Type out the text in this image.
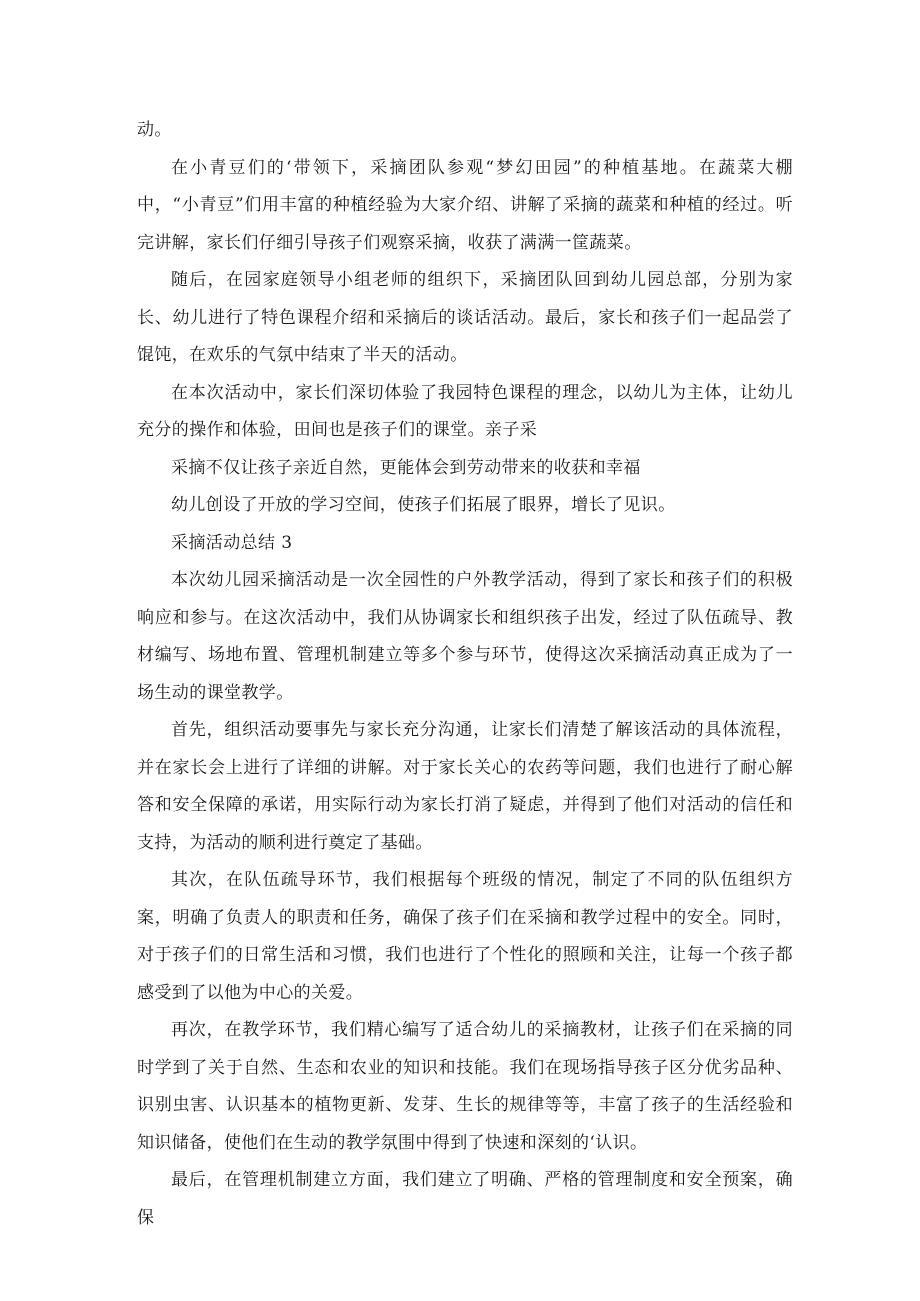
动。

在小青豆们的‘带领下，采摘团队参观“梦幻田园”的种植基地。在蔬菜大棚中，“小青豆”们用丰富的种植经验为大家介绍、讲解了采摘的蔬菜和种植的经过。听完讲解，家长们仔细引导孩子们观察采摘，收获了满满一筐蔬菜。

随后，在园家庭领导小组老师的组织下，采摘团队回到幼儿园总部，分别为家长、幼儿进行了特色课程介绍和采摘后的谈话活动。最后，家长和孩子们一起品尝了馄饨，在欢乐的气氛中结束了半天的活动。

在本次活动中，家长们深切体验了我园特色课程的理念，以幼儿为主体，让幼儿充分的操作和体验，田间也是孩子们的课堂。亲子采

采摘不仅让孩子亲近自然，更能体会到劳动带来的收获和幸福

幼儿创设了开放的学习空间，使孩子们拓展了眼界，增长了见识。

采摘活动总结 3

本次幼儿园采摘活动是一次全园性的户外教学活动，得到了家长和孩子们的积极响应和参与。在这次活动中，我们从协调家长和组织孩子出发，经过了队伍疏导、教材编写、场地布置、管理机制建立等多个参与环节，使得这次采摘活动真正成为了一场生动的课堂教学。

首先，组织活动要事先与家长充分沟通，让家长们清楚了解该活动的具体流程，并在家长会上进行了详细的讲解。对于家长关心的农药等问题，我们也进行了耐心解答和安全保障的承诺，用实际行动为家长打消了疑虑，并得到了他们对活动的信任和支持，为活动的顺利进行奠定了基础。

其次，在队伍疏导环节，我们根据每个班级的情况，制定了不同的队伍组织方案，明确了负责人的职责和任务，确保了孩子们在采摘和教学过程中的安全。同时，对于孩子们的日常生活和习惯，我们也进行了个性化的照顾和关注，让每一个孩子都感受到了以他为中心的关爱。

再次，在教学环节，我们精心编写了适合幼儿的采摘教材，让孩子们在采摘的同时学到了关于自然、生态和农业的知识和技能。我们在现场指导孩子区分优劣品种、识别虫害、认识基本的植物更新、发芽、生长的规律等等，丰富了孩子的生活经验和知识储备，使他们在生动的教学氛围中得到了快速和深刻的‘认识。

最后，在管理机制建立方面，我们建立了明确、严格的管理制度和安全预案，确保
